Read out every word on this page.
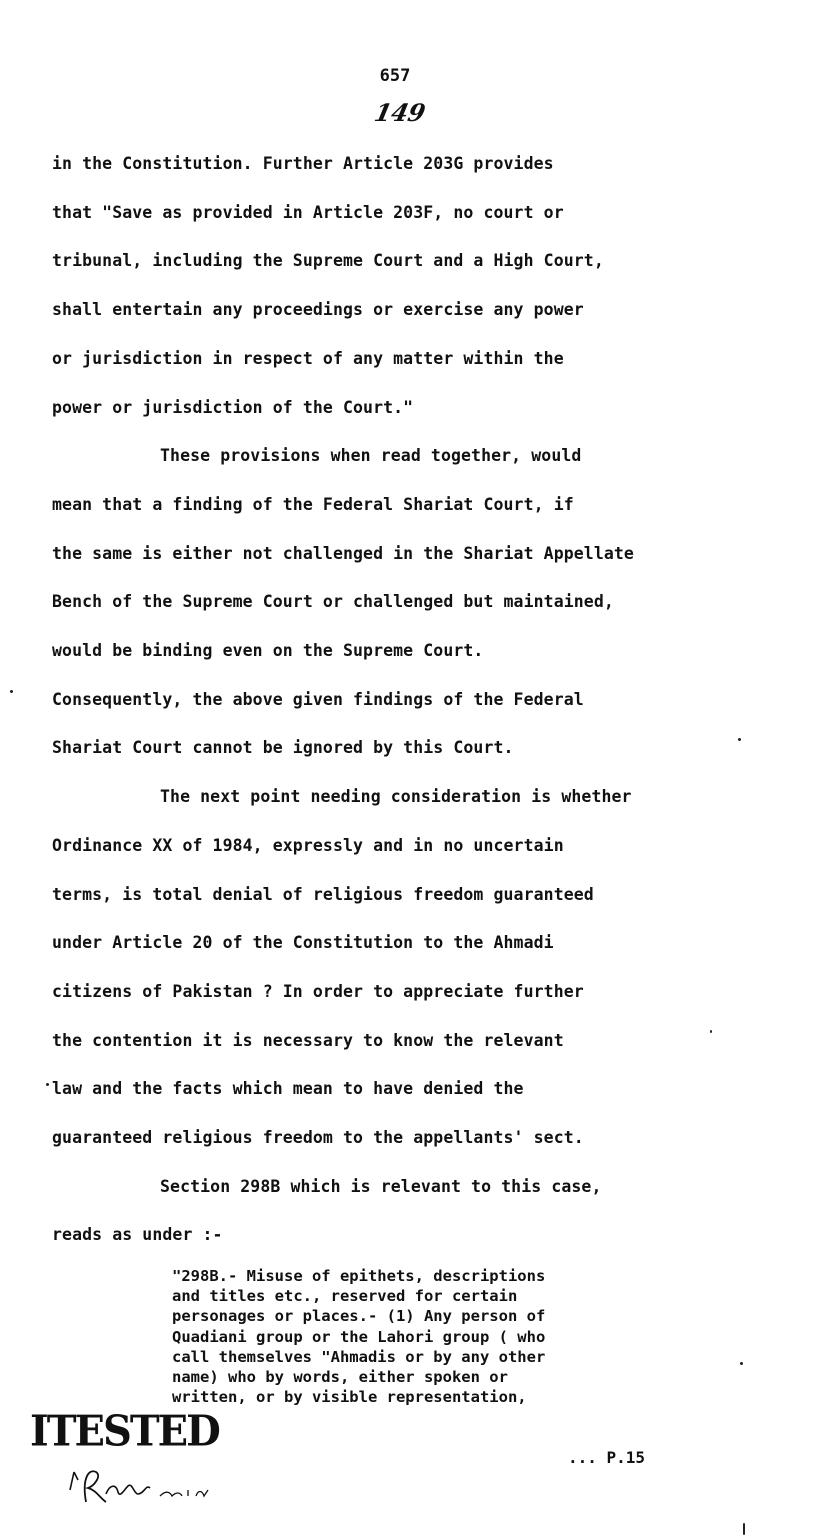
657
149
in the Constitution. Further Article 203G provides
that "Save as provided in Article 203F, no court or
tribunal, including the Supreme Court and a High Court,
shall entertain any proceedings or exercise any power
or jurisdiction in respect of any matter within the
power or jurisdiction of the Court."
These provisions when read together, would
mean that a finding of the Federal Shariat Court, if
the same is either not challenged in the Shariat Appellate
Bench of the Supreme Court or challenged but maintained,
would be binding even on the Supreme Court.
Consequently, the above given findings of the Federal
Shariat Court cannot be ignored by this Court.
The next point needing consideration is whether
Ordinance XX of 1984, expressly and in no uncertain
terms, is total denial of religious freedom guaranteed
under Article 20 of the Constitution to the Ahmadi
citizens of Pakistan ? In order to appreciate further
the contention it is necessary to know the relevant
law and the facts which mean to have denied the
guaranteed religious freedom to the appellants' sect.
Section 298B which is relevant to this case,
reads as under :-
"298B.- Misuse of epithets, descriptions
and titles etc., reserved for certain
personages or places.- (1) Any person of
Quadiani group or the Lahori group ( who
call themselves "Ahmadis or by any other
name) who by words, either spoken or
written, or by visible representation,
ITESTED
... P.15
